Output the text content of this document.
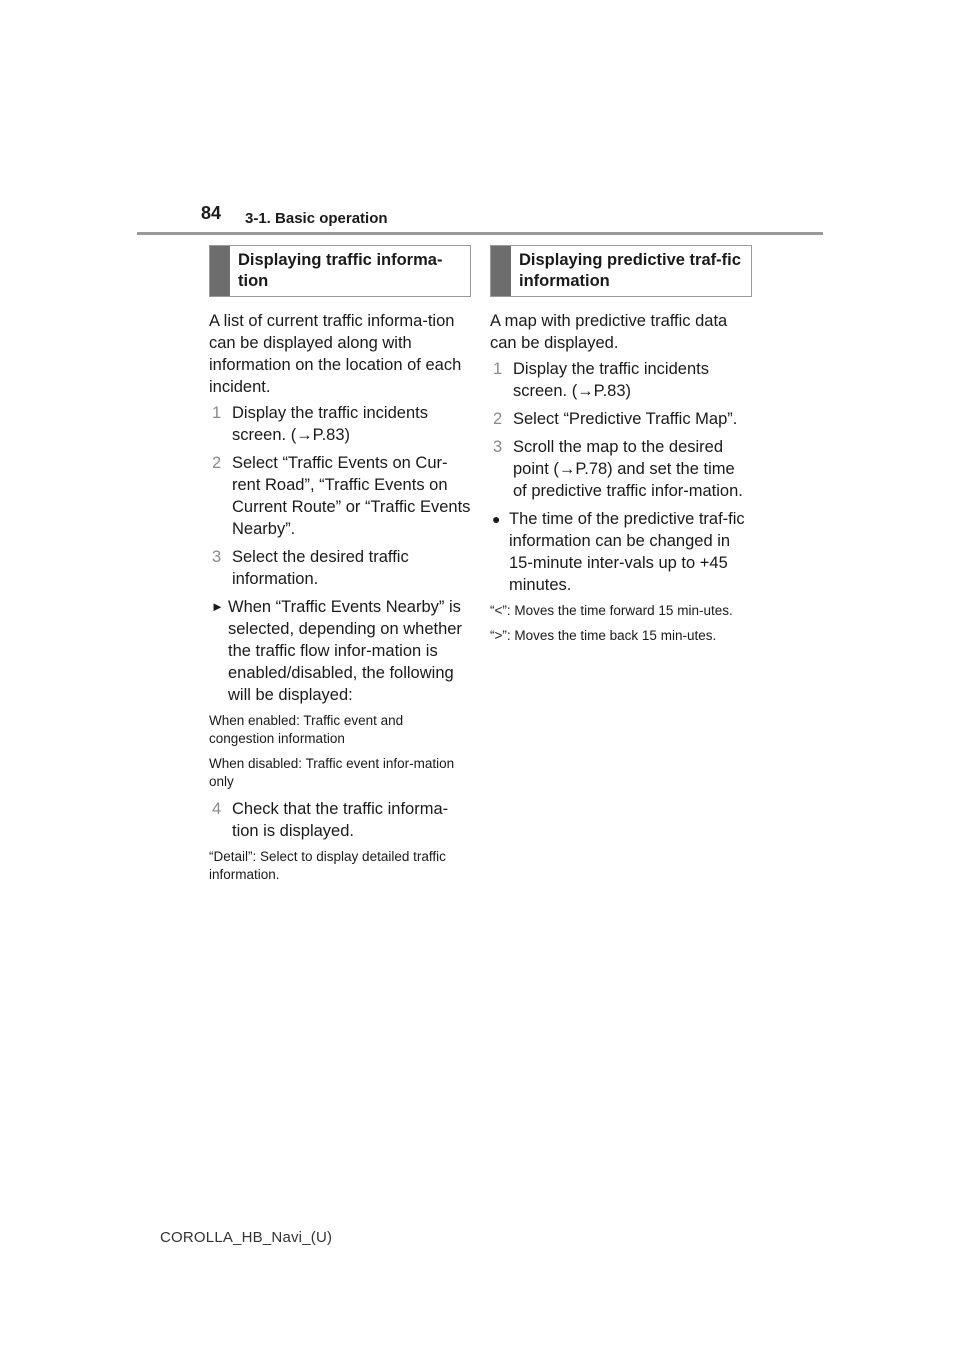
84 3-1. Basic operation
Displaying traffic informa-tion

A list of current traffic informa-tion can be displayed along with information on the location of each incident.

1 Display the traffic incidents screen. (→P.83)
2 Select “Traffic Events on Cur-rent Road”, “Traffic Events on Current Route” or “Traffic Events Nearby”.
3 Select the desired traffic information.
► When “Traffic Events Nearby” is selected, depending on whether the traffic flow infor-mation is enabled/disabled, the following will be displayed:

When enabled: Traffic event and congestion information

When disabled: Traffic event infor-mation only

4 Check that the traffic informa-tion is displayed.

“Detail”: Select to display detailed traffic information.

Displaying predictive traf-fic information

A map with predictive traffic data can be displayed.

1 Display the traffic incidents screen. (→P.83)
2 Select “Predictive Traffic Map”.
3 Scroll the map to the desired point (→P.78) and set the time of predictive traffic infor-mation.
● The time of the predictive traf-fic information can be changed in 15-minute inter-vals up to +45 minutes.

“<”: Moves the time forward 15 min-utes.

“>”: Moves the time back 15 min-utes.

COROLLA_HB_Navi_(U)
